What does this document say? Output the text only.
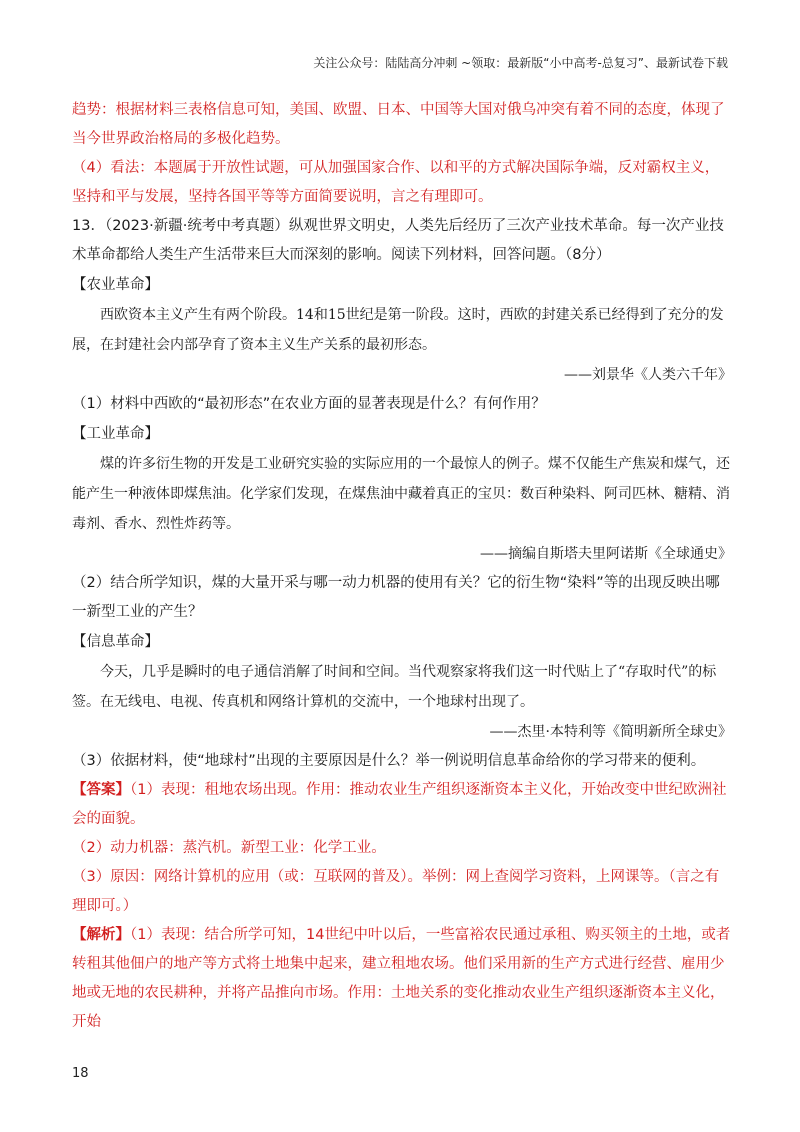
关注公众号：陆陆高分冲刺 ~领取：最新版“小中高考-总复习”、最新试卷下载

趋势：根据材料三表格信息可知，美国、欧盟、日本、中国等大国对俄乌冲突有着不同的态度，体现了当今世界政治格局的多极化趋势。

（4）看法：本题属于开放性试题，可从加强国家合作、以和平的方式解决国际争端，反对霸权主义，坚持和平与发展，坚持各国平等等方面简要说明，言之有理即可。

13．（2023·新疆·统考中考真题）纵观世界文明史，人类先后经历了三次产业技术革命。每一次产业技术革命都给人类生产生活带来巨大而深刻的影响。阅读下列材料，回答问题。（8分）

【农业革命】

西欧资本主义产生有两个阶段。14和15世纪是第一阶段。这时，西欧的封建关系已经得到了充分的发展，在封建社会内部孕育了资本主义生产关系的最初形态。

——刘景华《人类六千年》

（1）材料中西欧的“最初形态”在农业方面的显著表现是什么？有何作用？

【工业革命】

煤的许多衍生物的开发是工业研究实验的实际应用的一个最惊人的例子。煤不仅能生产焦炭和煤气，还能产生一种液体即煤焦油。化学家们发现，在煤焦油中藏着真正的宝贝：数百种染料、阿司匹林、糖精、消毒剂、香水、烈性炸药等。

——摘编自斯塔夫里阿诺斯《全球通史》

（2）结合所学知识，煤的大量开采与哪一动力机器的使用有关？它的衍生物“染料”等的出现反映出哪一新型工业的产生？

【信息革命】

今天，几乎是瞬时的电子通信消解了时间和空间。当代观察家将我们这一时代贴上了“存取时代”的标签。在无线电、电视、传真机和网络计算机的交流中，一个地球村出现了。

——杰里·本特利等《简明新所全球史》

（3）依据材料，使“地球村”出现的主要原因是什么？举一例说明信息革命给你的学习带来的便利。

【答案】（1）表现：租地农场出现。作用：推动农业生产组织逐渐资本主义化，开始改变中世纪欧洲社会的面貌。

（2）动力机器：蒸汽机。新型工业：化学工业。

（3）原因：网络计算机的应用（或：互联网的普及）。举例：网上查阅学习资料，上网课等。（言之有理即可。）

【解析】（1）表现：结合所学可知，14世纪中叶以后，一些富裕农民通过承租、购买领主的土地，或者转租其他佃户的地产等方式将土地集中起来，建立租地农场。他们采用新的生产方式进行经营、雇用少地或无地的农民耕种，并将产品推向市场。作用：土地关系的变化推动农业生产组织逐渐资本主义化，开始

18
